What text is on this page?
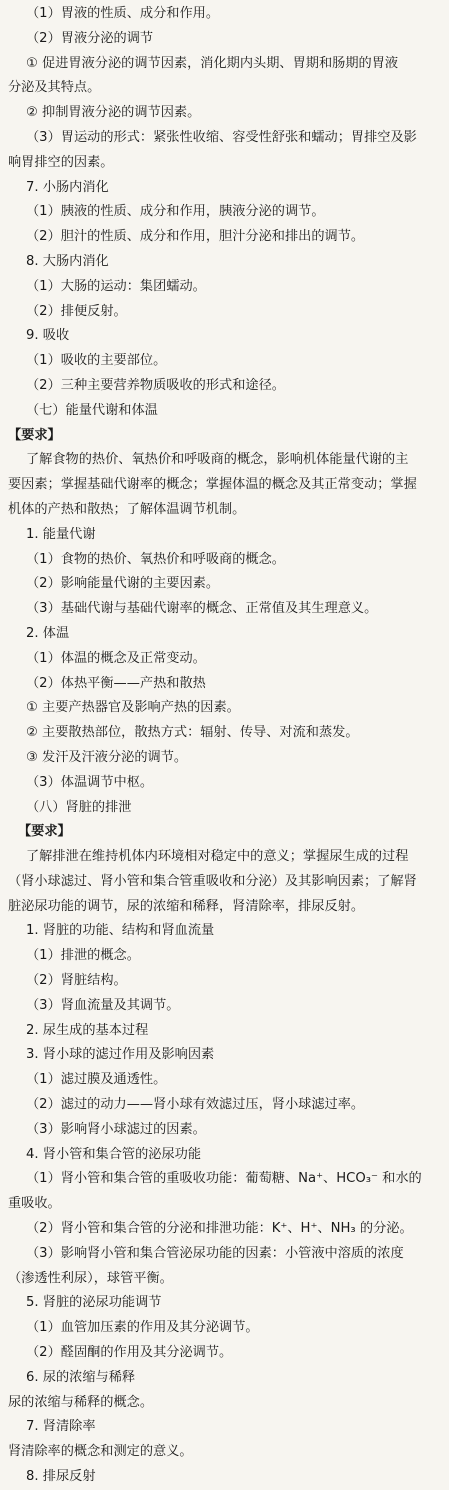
（1）胃液的性质、成分和作用。
（2）胃液分泌的调节
① 促进胃液分泌的调节因素，消化期内头期、胃期和肠期的胃液
分泌及其特点。
② 抑制胃液分泌的调节因素。
（3）胃运动的形式：紧张性收缩、容受性舒张和蠕动；胃排空及影
响胃排空的因素。
7. 小肠内消化
（1）胰液的性质、成分和作用，胰液分泌的调节。
（2）胆汁的性质、成分和作用，胆汁分泌和排出的调节。
8. 大肠内消化
（1）大肠的运动：集团蠕动。
（2）排便反射。
9. 吸收
（1）吸收的主要部位。
（2）三种主要营养物质吸收的形式和途径。
（七）能量代谢和体温
【要求】
了解食物的热价、氧热价和呼吸商的概念，影响机体能量代谢的主
要因素；掌握基础代谢率的概念；掌握体温的概念及其正常变动；掌握
机体的产热和散热；了解体温调节机制。
1. 能量代谢
（1）食物的热价、氧热价和呼吸商的概念。
（2）影响能量代谢的主要因素。
（3）基础代谢与基础代谢率的概念、正常值及其生理意义。
2. 体温
（1）体温的概念及正常变动。
（2）体热平衡——产热和散热
① 主要产热器官及影响产热的因素。
② 主要散热部位，散热方式：辐射、传导、对流和蒸发。
③ 发汗及汗液分泌的调节。
（3）体温调节中枢。
（八）肾脏的排泄
【要求】
了解排泄在维持机体内环境相对稳定中的意义；掌握尿生成的过程
（肾小球滤过、肾小管和集合管重吸收和分泌）及其影响因素；了解肾
脏泌尿功能的调节，尿的浓缩和稀释，肾清除率，排尿反射。
1. 肾脏的功能、结构和肾血流量
（1）排泄的概念。
（2）肾脏结构。
（3）肾血流量及其调节。
2. 尿生成的基本过程
3. 肾小球的滤过作用及影响因素
（1）滤过膜及通透性。
（2）滤过的动力——肾小球有效滤过压，肾小球滤过率。
（3）影响肾小球滤过的因素。
4. 肾小管和集合管的泌尿功能
（1）肾小管和集合管的重吸收功能：葡萄糖、Na⁺、HCO₃⁻ 和水的
重吸收。
（2）肾小管和集合管的分泌和排泄功能：K⁺、H⁺、NH₃ 的分泌。
（3）影响肾小管和集合管泌尿功能的因素：小管液中溶质的浓度
（渗透性利尿），球管平衡。
5. 肾脏的泌尿功能调节
（1）血管加压素的作用及其分泌调节。
（2）醛固酮的作用及其分泌调节。
6. 尿的浓缩与稀释
尿的浓缩与稀释的概念。
7. 肾清除率
肾清除率的概念和测定的意义。
8. 排尿反射
